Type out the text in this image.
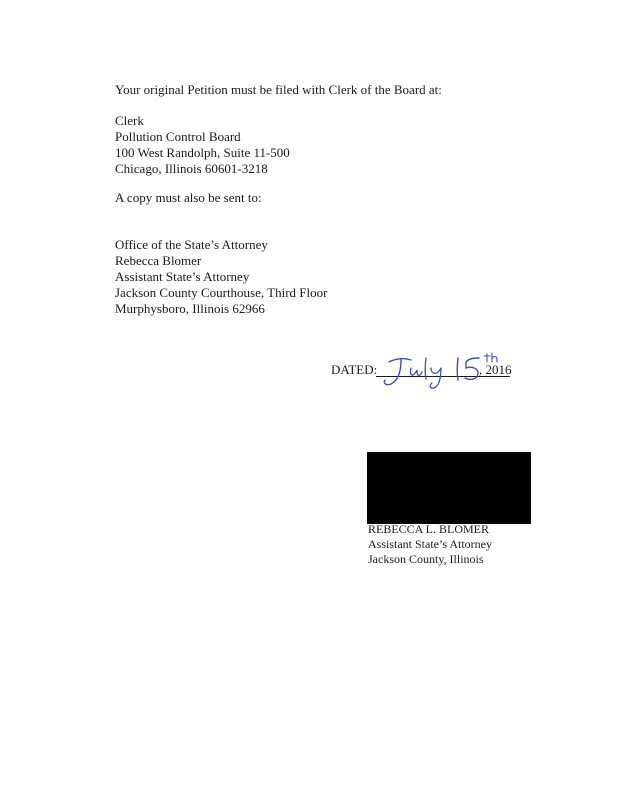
Your original Petition must be filed with Clerk of the Board at:
Clerk
Pollution Control Board
100 West Randolph, Suite 11-500
Chicago, Illinois 60601-3218
A copy must also be sent to:
Office of the State’s Attorney
Rebecca Blomer
Assistant State’s Attorney
Jackson County Courthouse, Third Floor
Murphysboro, Illinois 62966
DATED:	, 2016
REBECCA L. BLOMER
Assistant State’s Attorney
Jackson County, Illinois
